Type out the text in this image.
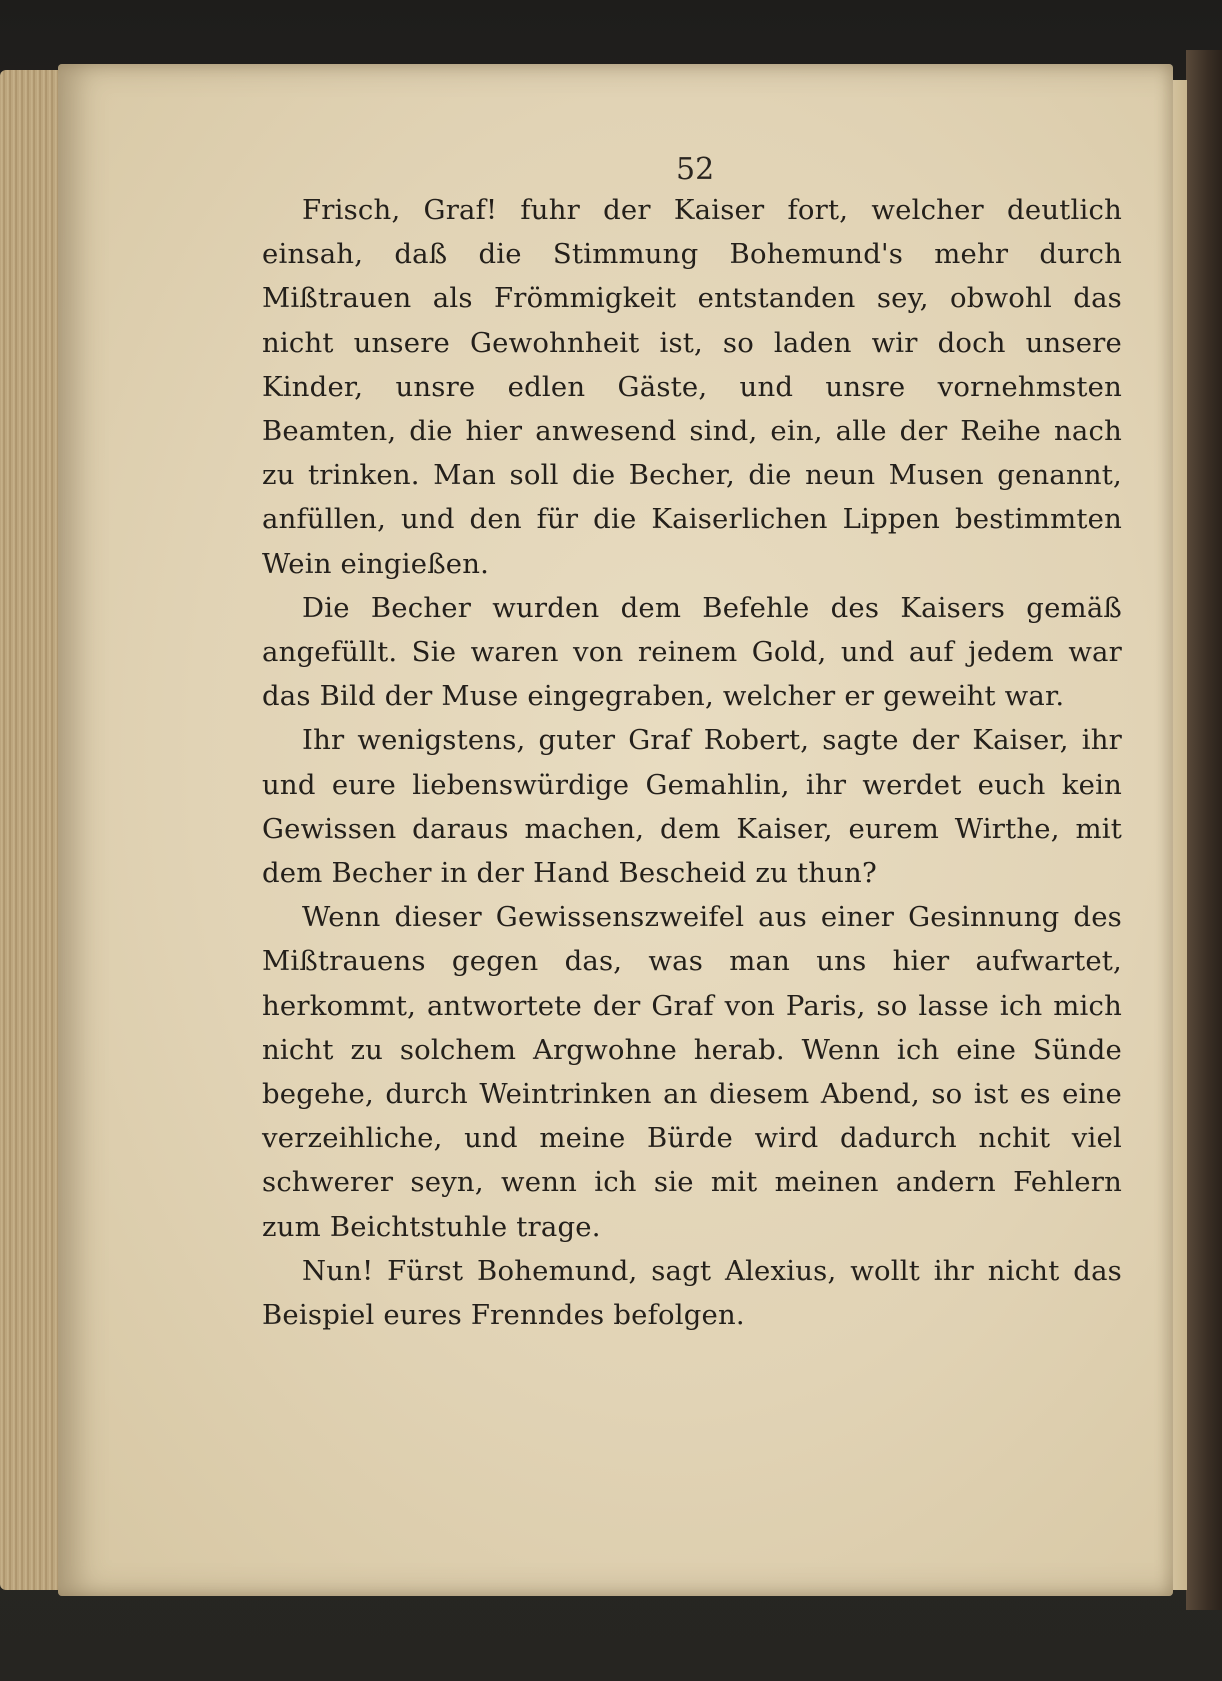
52

Frisch, Graf! fuhr der Kaiser fort, welcher deutlich einsah, daß die Stimmung Bohemund's mehr durch Mißtrauen als Frömmigkeit entstanden sey, obwohl das nicht unsere Gewohnheit ist, so laden wir doch unsere Kinder, unsre edlen Gäste, und unsre vornehmsten Beamten, die hier anwesend sind, ein, alle der Reihe nach zu trinken. Man soll die Becher, die neun Musen genannt, anfüllen, und den für die Kaiserlichen Lippen bestimmten Wein eingießen.

Die Becher wurden dem Befehle des Kaisers gemäß angefüllt. Sie waren von reinem Gold, und auf jedem war das Bild der Muse eingegraben, welcher er geweiht war.

Ihr wenigstens, guter Graf Robert, sagte der Kaiser, ihr und eure liebenswürdige Gemahlin, ihr werdet euch kein Gewissen daraus machen, dem Kaiser, eurem Wirthe, mit dem Becher in der Hand Bescheid zu thun?

Wenn dieser Gewissenszweifel aus einer Gesinnung des Mißtrauens gegen das, was man uns hier aufwartet, herkommt, antwortete der Graf von Paris, so lasse ich mich nicht zu solchem Argwohne herab. Wenn ich eine Sünde begehe, durch Weintrinken an diesem Abend, so ist es eine verzeihliche, und meine Bürde wird dadurch nchit viel schwerer seyn, wenn ich sie mit meinen andern Fehlern zum Beichtstuhle trage.

Nun! Fürst Bohemund, sagt Alexius, wollt ihr nicht das Beispiel eures Frenndes befolgen.
